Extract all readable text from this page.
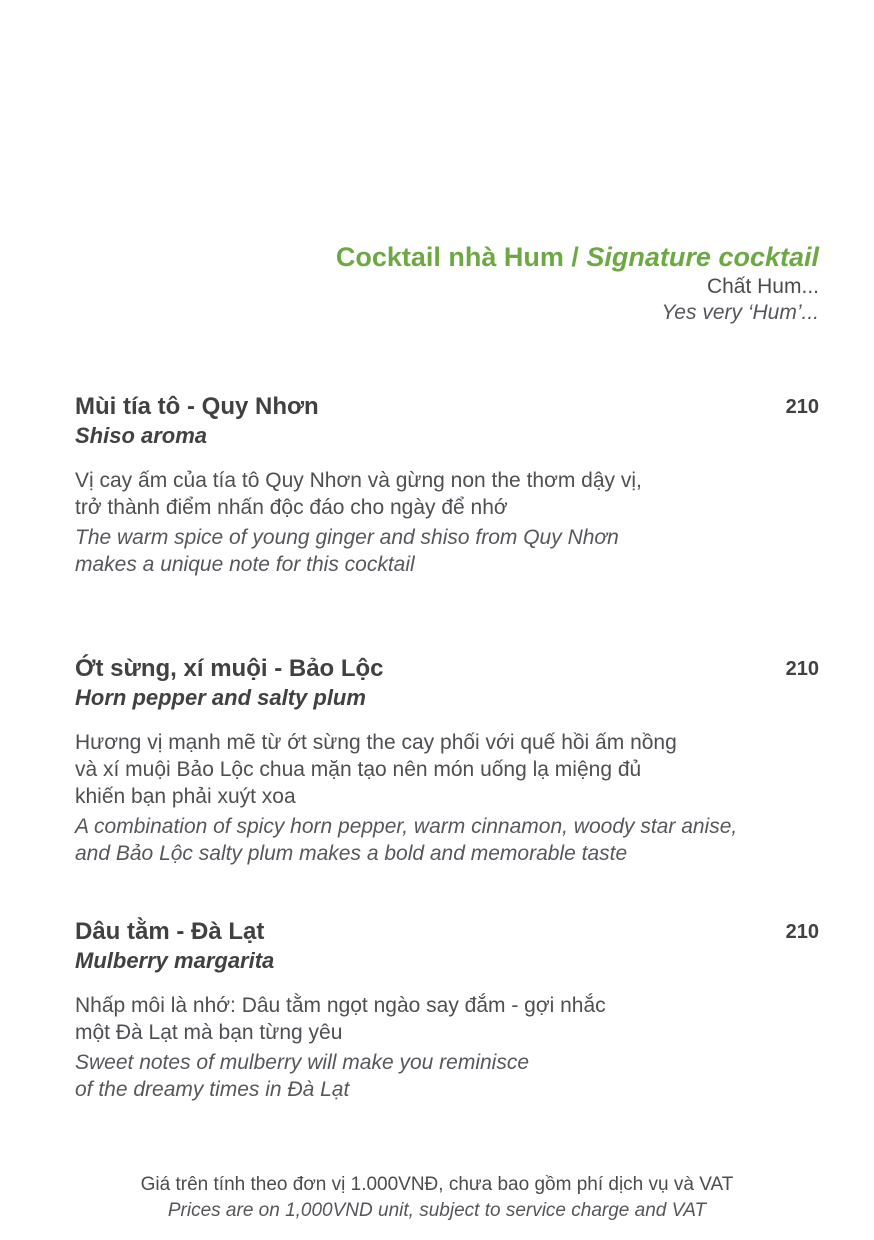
Cocktail nhà Hum / Signature cocktail
Chất Hum...
Yes very ‘Hum’...
Mùi tía tô - Quy Nhơn	210
Shiso aroma
Vị cay ấm của tía tô Quy Nhơn và gừng non the thơm dậy vị,
trở thành điểm nhấn độc đáo cho ngày để nhớ
The warm spice of young ginger and shiso from Quy Nhơn
makes a unique note for this cocktail
Ớt sừng, xí muội - Bảo Lộc	210
Horn pepper and salty plum
Hương vị mạnh mẽ từ ớt sừng the cay phối với quế hồi ấm nồng
và xí muội Bảo Lộc chua mặn tạo nên món uống lạ miệng đủ
khiến bạn phải xuýt xoa
A combination of spicy horn pepper, warm cinnamon, woody star anise,
and Bảo Lộc salty plum makes a bold and memorable taste
Dâu tằm - Đà Lạt	210
Mulberry margarita
Nhấp môi là nhớ: Dâu tằm ngọt ngào say đắm - gợi nhắc
một Đà Lạt mà bạn từng yêu
Sweet notes of mulberry will make you reminisce
of the dreamy times in Đà Lạt
Giá trên tính theo đơn vị 1.000VNĐ, chưa bao gồm phí dịch vụ và VAT
Prices are on 1,000VND unit, subject to service charge and VAT
